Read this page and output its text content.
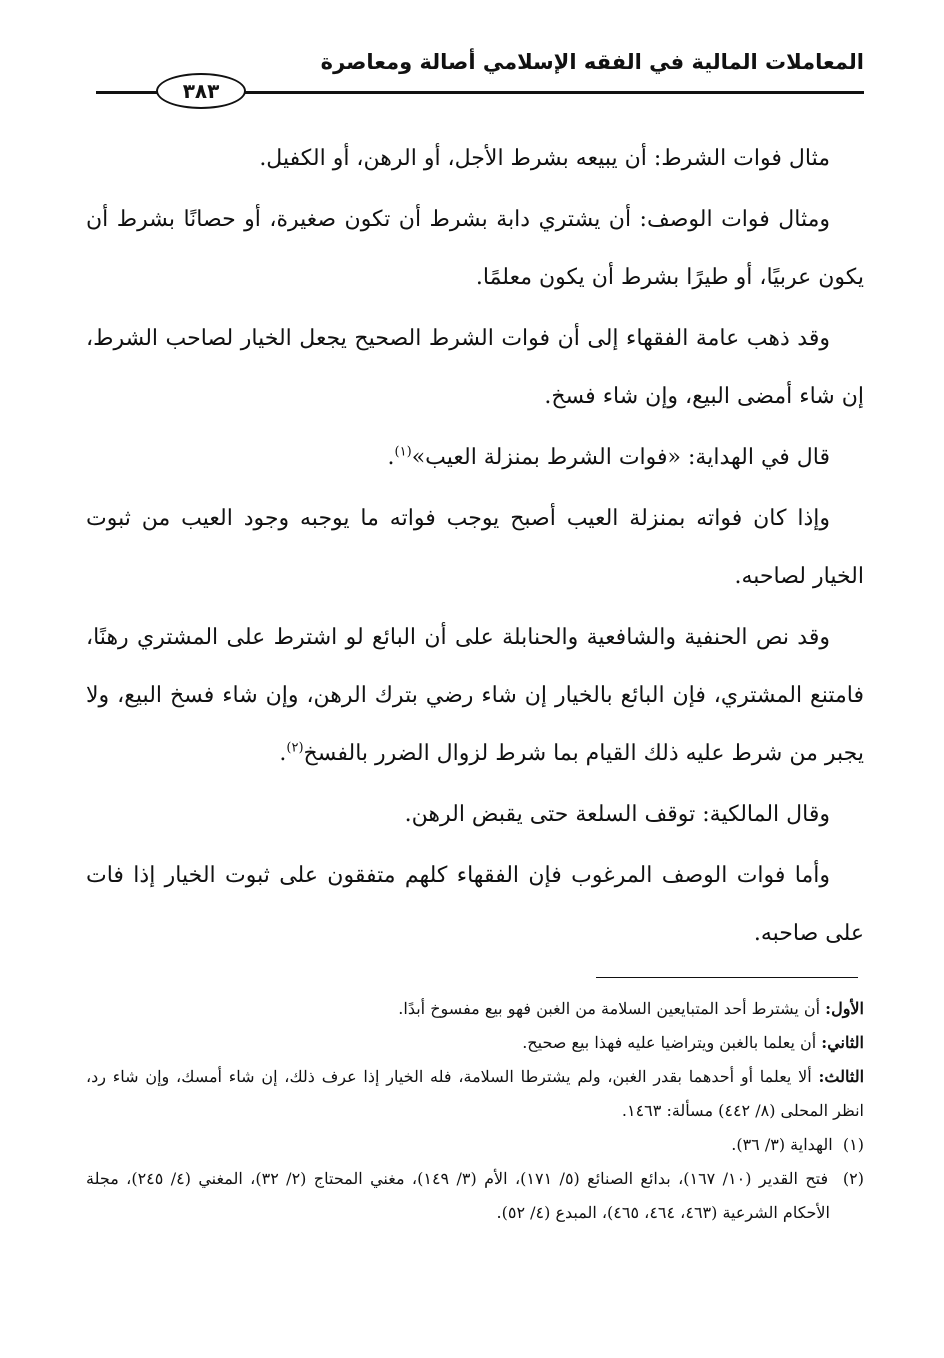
المعاملات المالية في الفقه الإسلامي أصالة ومعاصرة
٣٨٣

مثال فوات الشرط: أن يبيعه بشرط الأجل، أو الرهن، أو الكفيل.

ومثال فوات الوصف: أن يشتري دابة بشرط أن تكون صغيرة، أو حصانًا بشرط أن يكون عربيًا، أو طيرًا بشرط أن يكون معلمًا.

وقد ذهب عامة الفقهاء إلى أن فوات الشرط الصحيح يجعل الخيار لصاحب الشرط، إن شاء أمضى البيع، وإن شاء فسخ.

قال في الهداية: «فوات الشرط بمنزلة العيب»$^{(١)}$.

وإذا كان فواته بمنزلة العيب أصبح يوجب فواته ما يوجبه وجود العيب من ثبوت الخيار لصاحبه.

وقد نص الحنفية والشافعية والحنابلة على أن البائع لو اشترط على المشتري رهنًا، فامتنع المشتري، فإن البائع بالخيار إن شاء رضي بترك الرهن، وإن شاء فسخ البيع، ولا يجبر من شرط عليه ذلك القيام بما شرط لزوال الضرر بالفسخ$^{(٢)}$.

وقال المالكية: توقف السلعة حتى يقبض الرهن.

وأما فوات الوصف المرغوب فإن الفقهاء كلهم متفقون على ثبوت الخيار إذا فات على صاحبه.

الأول: أن يشترط أحد المتبايعين السلامة من الغبن فهو بيع مفسوخ أبدًا.

الثاني: أن يعلما بالغبن ويتراضيا عليه فهذا بيع صحيح.

الثالث: ألا يعلما أو أحدهما بقدر الغبن، ولم يشترطا السلامة، فله الخيار إذا عرف ذلك، إن شاء أمسك، وإن شاء رد، انظر المحلى (٨/ ٤٤٢) مسألة: ١٤٦٣.

(١)  الهداية (٣/ ٣٦).

(٢)  فتح القدير (١٠/ ١٦٧)، بدائع الصنائع (٥/ ١٧١)، الأم (٣/ ١٤٩)، مغني المحتاج (٢/ ٣٢)، المغني (٤/ ٢٤٥)، مجلة الأحكام الشرعية (٤٦٣، ٤٦٤، ٤٦٥)، المبدع (٤/ ٥٢).
